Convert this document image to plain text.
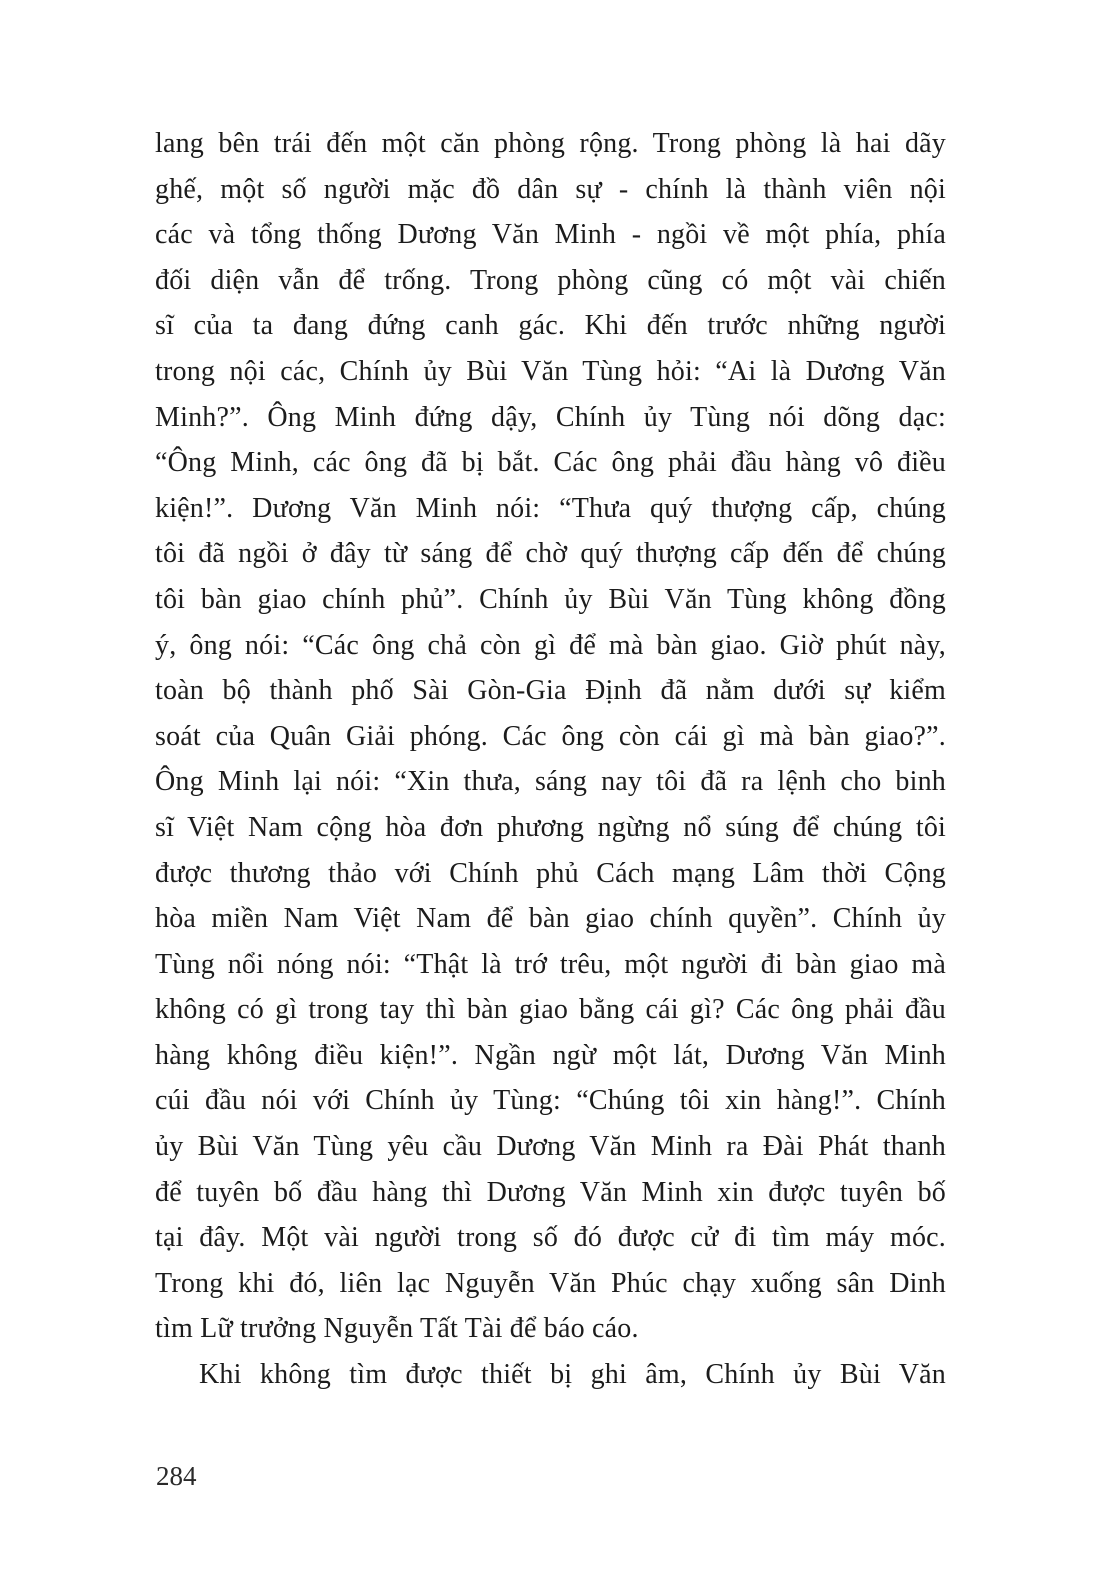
lang bên trái đến một căn phòng rộng. Trong phòng là hai dãy
ghế, một số người mặc đồ dân sự - chính là thành viên nội
các và tổng thống Dương Văn Minh - ngồi về một phía, phía
đối diện vẫn để trống. Trong phòng cũng có một vài chiến
sĩ của ta đang đứng canh gác. Khi đến trước những người
trong nội các, Chính ủy Bùi Văn Tùng hỏi: “Ai là Dương Văn
Minh?”. Ông Minh đứng dậy, Chính ủy Tùng nói dõng dạc:
“Ông Minh, các ông đã bị bắt. Các ông phải đầu hàng vô điều
kiện!”. Dương Văn Minh nói: “Thưa quý thượng cấp, chúng
tôi đã ngồi ở đây từ sáng để chờ quý thượng cấp đến để chúng
tôi bàn giao chính phủ”. Chính ủy Bùi Văn Tùng không đồng
ý, ông nói: “Các ông chả còn gì để mà bàn giao. Giờ phút này,
toàn bộ thành phố Sài Gòn-Gia Định đã nằm dưới sự kiểm
soát của Quân Giải phóng. Các ông còn cái gì mà bàn giao?”.
Ông Minh lại nói: “Xin thưa, sáng nay tôi đã ra lệnh cho binh
sĩ Việt Nam cộng hòa đơn phương ngừng nổ súng để chúng tôi
được thương thảo với Chính phủ Cách mạng Lâm thời Cộng
hòa miền Nam Việt Nam để bàn giao chính quyền”. Chính ủy
Tùng nổi nóng nói: “Thật là trớ trêu, một người đi bàn giao mà
không có gì trong tay thì bàn giao bằng cái gì? Các ông phải đầu
hàng không điều kiện!”. Ngần ngừ một lát, Dương Văn Minh
cúi đầu nói với Chính ủy Tùng: “Chúng tôi xin hàng!”. Chính
ủy Bùi Văn Tùng yêu cầu Dương Văn Minh ra Đài Phát thanh
để tuyên bố đầu hàng thì Dương Văn Minh xin được tuyên bố
tại đây. Một vài người trong số đó được cử đi tìm máy móc.
Trong khi đó, liên lạc Nguyễn Văn Phúc chạy xuống sân Dinh
tìm Lữ trưởng Nguyễn Tất Tài để báo cáo.
Khi không tìm được thiết bị ghi âm, Chính ủy Bùi Văn
284
